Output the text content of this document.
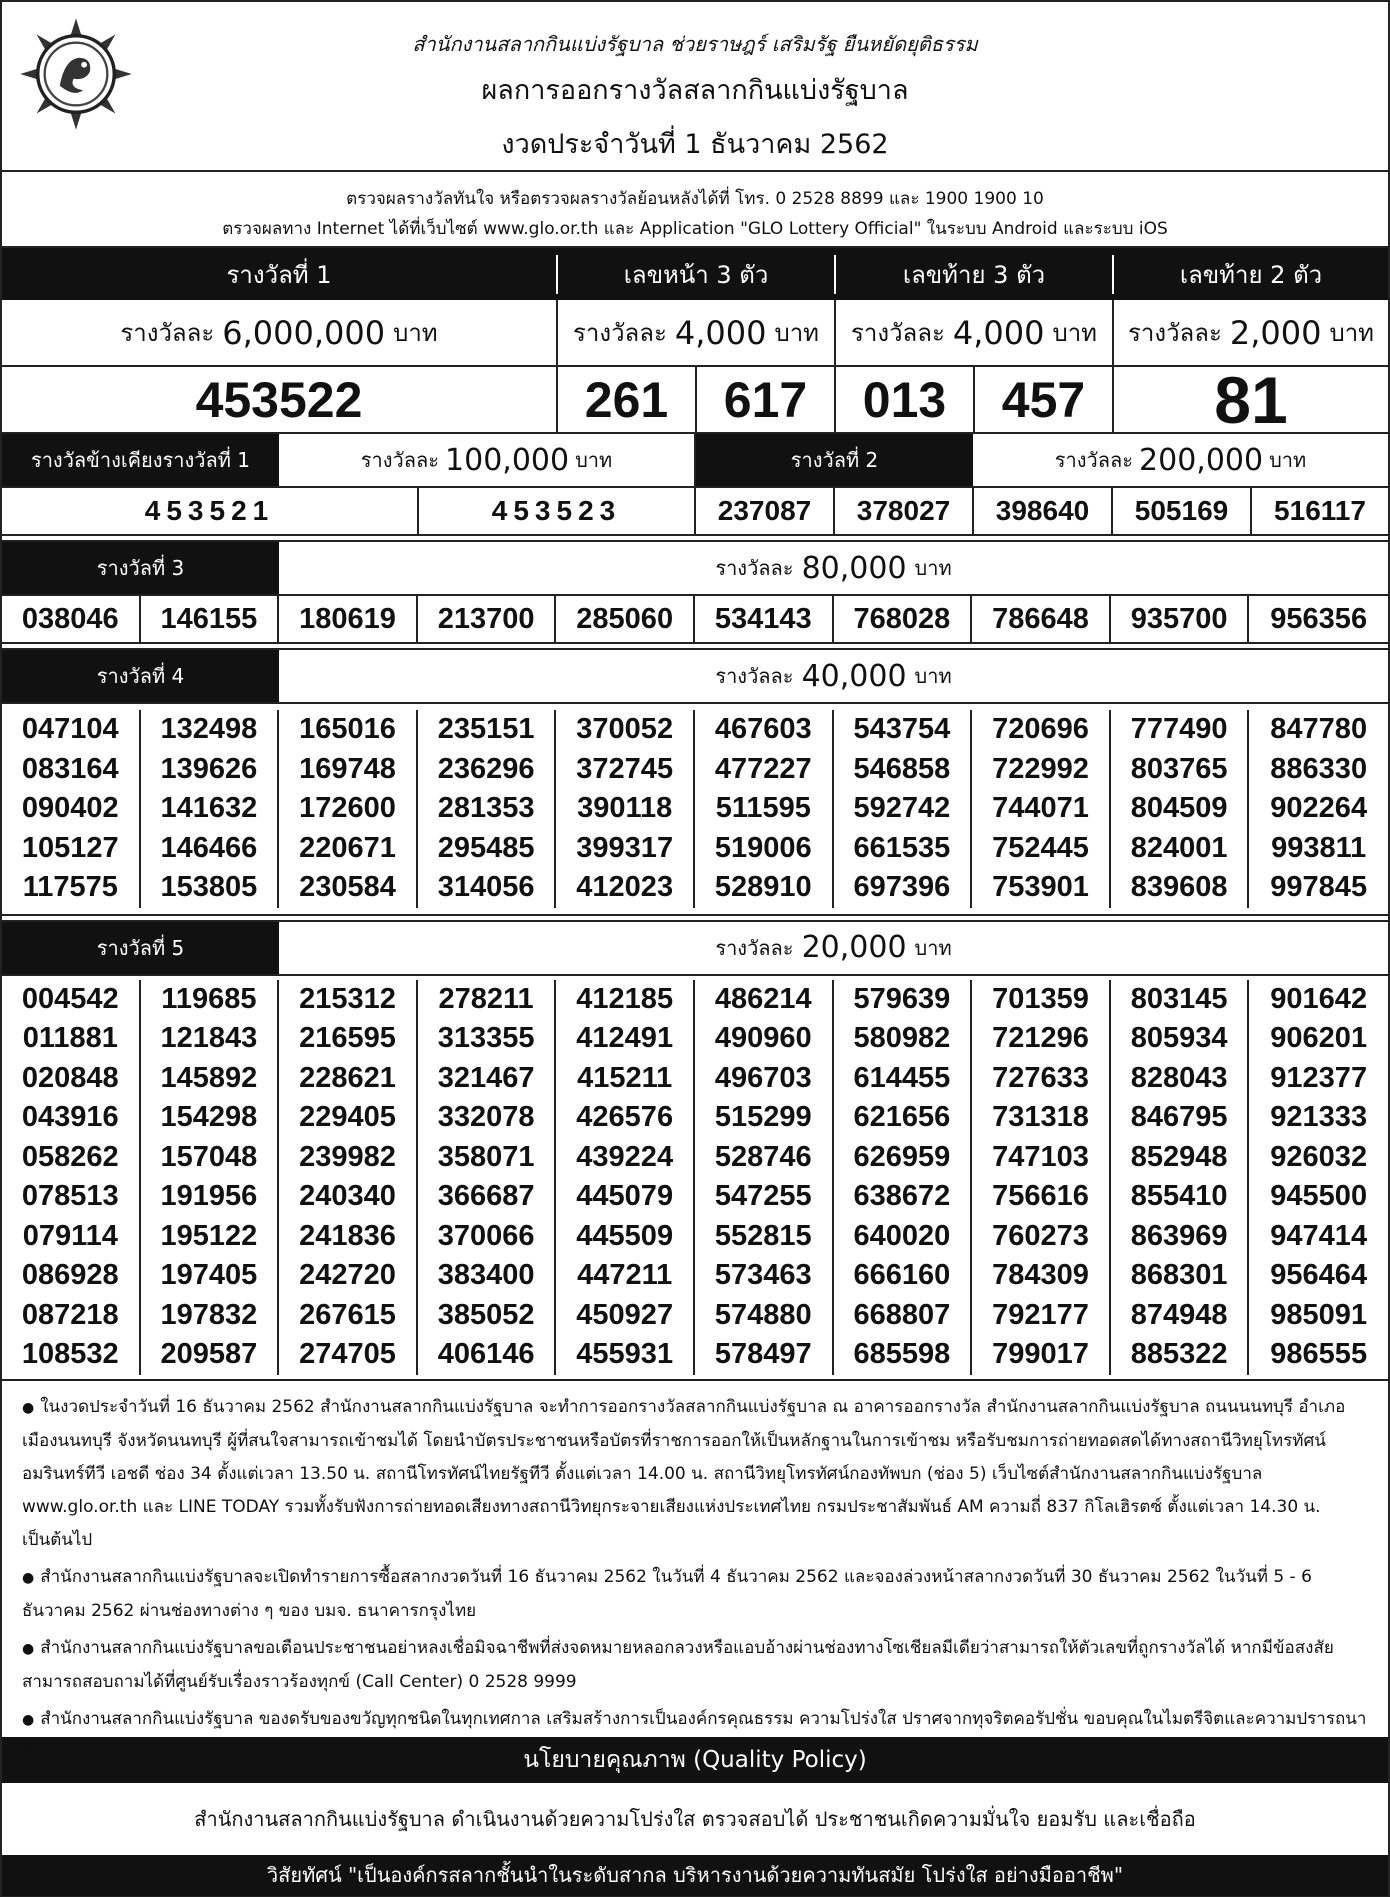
สำนักงานสลากกินแบ่งรัฐบาล ช่วยราษฎร์ เสริมรัฐ ยืนหยัดยุติธรรม
ผลการออกรางวัลสลากกินแบ่งรัฐบาล
งวดประจำวันที่ 1 ธันวาคม 2562
ตรวจผลรางวัลทันใจ หรือตรวจผลรางวัลย้อนหลังได้ที่ โทร. 0 2528 8899 และ 1900 1900 10
ตรวจผลทาง Internet ได้ที่เว็บไซต์ www.glo.or.th และ Application "GLO Lottery Official" ในระบบ Android และระบบ iOS
รางวัลที่ 1	เลขหน้า 3 ตัว	เลขท้าย 3 ตัว	เลขท้าย 2 ตัว
รางวัลละ 6,000,000 บาท	รางวัลละ 4,000 บาท รางวัลละ 4,000 บาท รางวัลละ 2,000 บาท
453522	261	617	013	457	81
รางวัลข้างเคียงรางวัลที่ 1	รางวัลละ 100,000 บาท	รางวัลที่ 2	รางวัลละ 200,000 บาท
453521	453523	237087	378027	398640	505169	516117
รางวัลที่ 3	รางวัลละ 80,000 บาท
038046	146155	180619	213700	285060	534143	768028	786648	935700	956356
รางวัลที่ 4	รางวัลละ 40,000 บาท
047104	132498	165016	235151	370052	467603	543754	720696	777490	847780
083164	139626	169748	236296	372745	477227	546858	722992	803765	886330
090402	141632	172600	281353	390118	511595	592742	744071	804509	902264
105127	146466	220671	295485	399317	519006	661535	752445	824001	993811
117575	153805	230584	314056	412023	528910	697396	753901	839608	997845
รางวัลที่ 5	รางวัลละ 20,000 บาท
004542	119685	215312	278211	412185	486214	579639	701359	803145	901642
011881	121843	216595	313355	412491	490960	580982	721296	805934	906201
020848	145892	228621	321467	415211	496703	614455	727633	828043	912377
043916	154298	229405	332078	426576	515299	621656	731318	846795	921333
058262	157048	239982	358071	439224	528746	626959	747103	852948	926032
078513	191956	240340	366687	445079	547255	638672	756616	855410	945500
079114	195122	241836	370066	445509	552815	640020	760273	863969	947414
086928	197405	242720	383400	447211	573463	666160	784309	868301	956464
087218	197832	267615	385052	450927	574880	668807	792177	874948	985091
108532	209587	274705	406146	455931	578497	685598	799017	885322	986555

● ในงวดประจำวันที่ 16 ธันวาคม 2562 สำนักงานสลากกินแบ่งรัฐบาล จะทำการออกรางวัลสลากกินแบ่งรัฐบาล ณ อาคารออกรางวัล สำนักงานสลากกินแบ่งรัฐบาล ถนนนนทบุรี อำเภอเมืองนนทบุรี จังหวัดนนทบุรี ผู้ที่สนใจสามารถเข้าชมได้ โดยนำบัตรประชาชนหรือบัตรที่ราชการออกให้เป็นหลักฐานในการเข้าชม หรือรับชมการถ่ายทอดสดได้ทางสถานีวิทยุโทรทัศน์อมรินทร์ทีวี เอชดี ช่อง 34 ตั้งแต่เวลา 13.50 น. สถานีโทรทัศน์ไทยรัฐทีวี ตั้งแต่เวลา 14.00 น. สถานีวิทยุโทรทัศน์กองทัพบก (ช่อง 5) เว็บไซต์สำนักงานสลากกินแบ่งรัฐบาล www.glo.or.th และ LINE TODAY รวมทั้งรับฟังการถ่ายทอดเสียงทางสถานีวิทยุกระจายเสียงแห่งประเทศไทย กรมประชาสัมพันธ์ AM ความถี่ 837 กิโลเฮิรตซ์ ตั้งแต่เวลา 14.30 น. เป็นต้นไป

● สำนักงานสลากกินแบ่งรัฐบาลจะเปิดทำรายการซื้อสลากงวดวันที่ 16 ธันวาคม 2562 ในวันที่ 4 ธันวาคม 2562 และจองล่วงหน้าสลากงวดวันที่ 30 ธันวาคม 2562 ในวันที่ 5 - 6 ธันวาคม 2562 ผ่านช่องทางต่าง ๆ ของ บมจ. ธนาคารกรุงไทย

● สำนักงานสลากกินแบ่งรัฐบาลขอเตือนประชาชนอย่าหลงเชื่อมิจฉาชีพที่ส่งจดหมายหลอกลวงหรือแอบอ้างผ่านช่องทางโซเชียลมีเดียว่าสามารถให้ตัวเลขที่ถูกรางวัลได้ หากมีข้อสงสัย สามารถสอบถามได้ที่ศูนย์รับเรื่องราวร้องทุกข์ (Call Center) 0 2528 9999

● สำนักงานสลากกินแบ่งรัฐบาล ของดรับของขวัญทุกชนิดในทุกเทศกาล เสริมสร้างการเป็นองค์กรคุณธรรม ความโปร่งใส ปราศจากทุจริตคอรัปชั่น ขอบคุณในไมตรีจิตและความปรารถนาดีของทุกท่าน	นโยบายคุณภาพ (Quality Policy)
สำนักงานสลากกินแบ่งรัฐบาล ดำเนินงานด้วยความโปร่งใส ตรวจสอบได้ ประชาชนเกิดความมั่นใจ ยอมรับ และเชื่อถือ
วิสัยทัศน์ "เป็นองค์กรสลากชั้นนำในระดับสากล บริหารงานด้วยความทันสมัย โปร่งใส อย่างมืออาชีพ"
